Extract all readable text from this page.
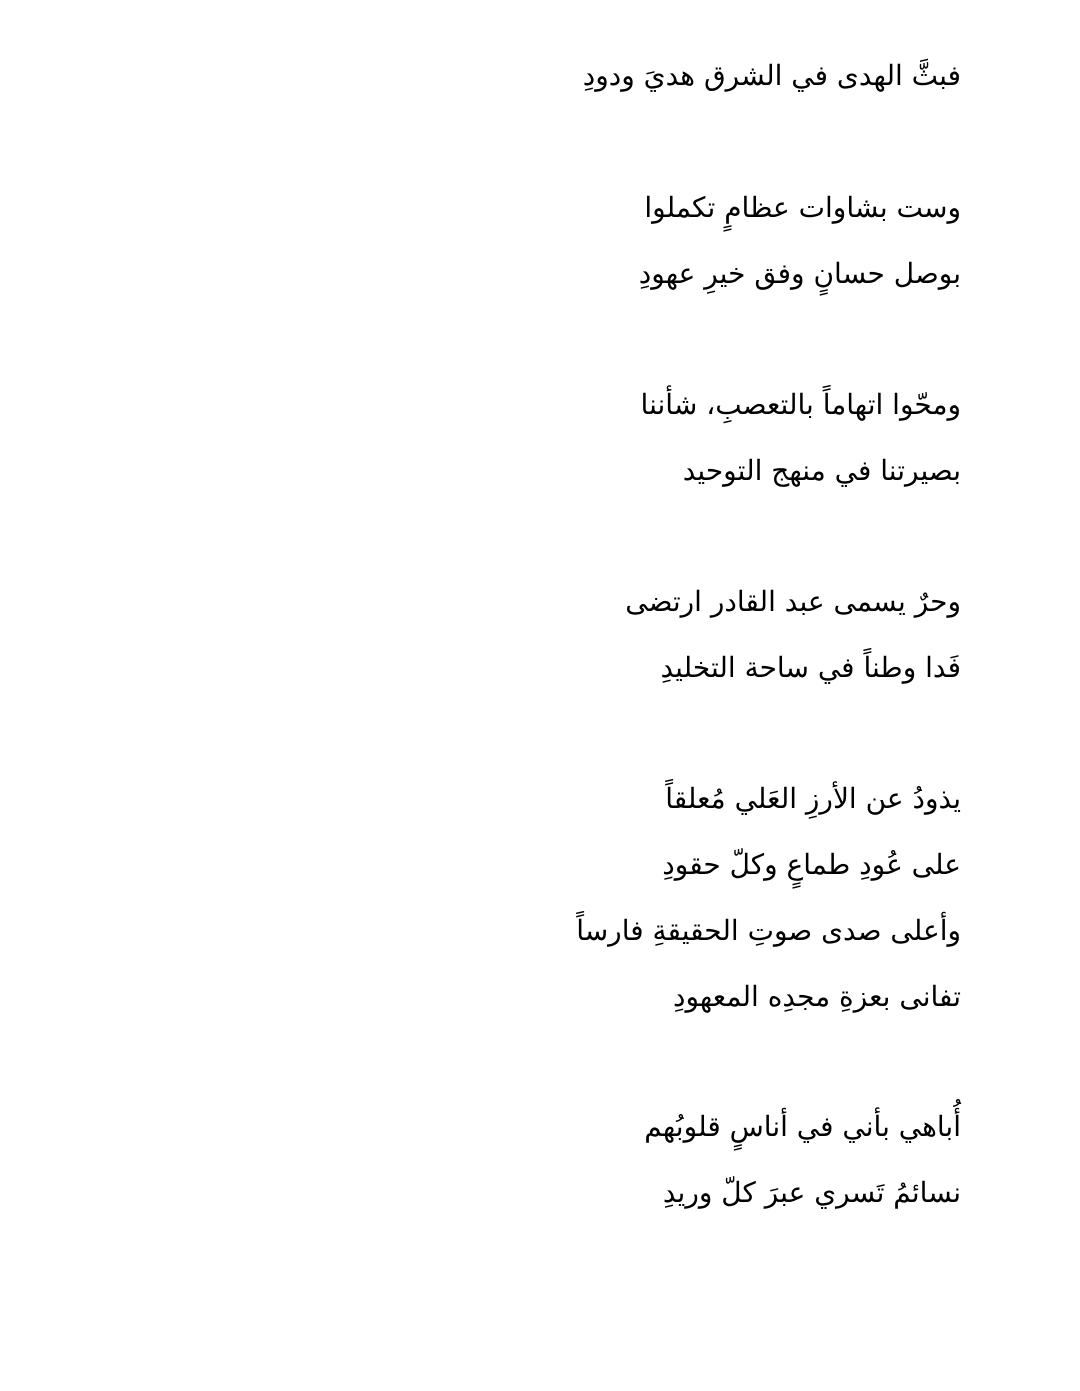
فبثَّ الهدى في الشرق هديَ ودودِ
وست بشاوات عظامٍ تكملوا
بوصل حسانٍ وفق خيرِ عهودِ
ومحّوا اتهاماً بالتعصبِ، شأننا
بصيرتنا في منهج التوحيد
وحرٌ يسمى عبد القادر ارتضى
فَدا وطناً في ساحة التخليدِ
يذودُ عن الأرزِ العَلي مُعلقاً
على عُودِ طماعٍ وكلّ حقودِ
وأعلى صدى صوتِ الحقيقةِ فارساً
تفانى بعزةِ مجدِه المعهودِ
أُباهي بأني في أناسٍ قلوبُهم
نسائمُ تَسري عبرَ كلّ وريدِ
